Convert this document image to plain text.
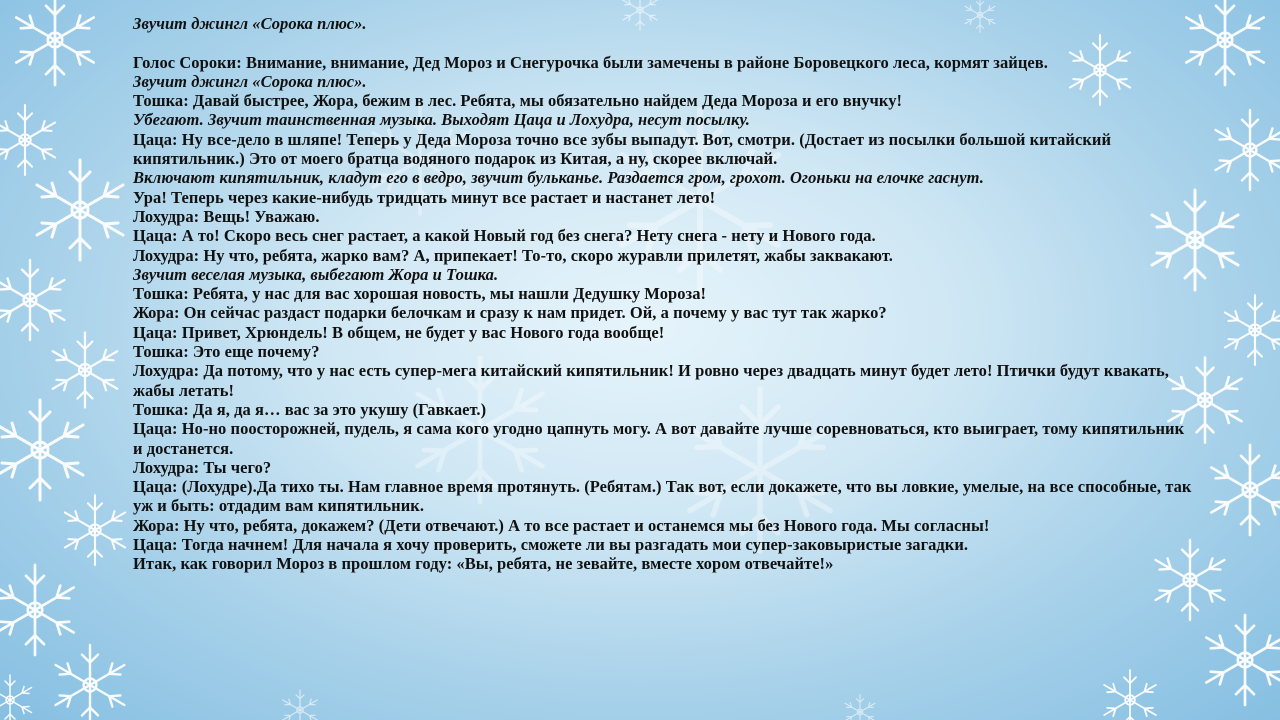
Звучит джингл «Сорока плюс».
Голос Сороки: Внимание, внимание, Дед Мороз и Снегурочка были замечены в районе Боровецкого леса, кормят зайцев.
Звучит джингл «Сорока плюс».
Тошка: Давай быстрее, Жора, бежим в лес. Ребята, мы обязательно найдем Деда Мороза и его внучку!
Убегают. Звучит таинственная музыка. Выходят Цаца и Лохудра, несут посылку.
Цаца: Ну все-дело в шляпе! Теперь у Деда Мороза точно все зубы выпадут. Вот, смотри. (Достает из посылки большой китайский кипятильник.) Это от моего братца водяного подарок из Китая, а ну, скорее включай.
Включают кипятильник, кладут его в ведро, звучит бульканье. Раздается гром, грохот. Огоньки на елочке гаснут.
Ура! Теперь через какие-нибудь тридцать минут все растает и настанет лето!
Лохудра: Вещь! Уважаю.
Цаца: А то! Скоро весь снег растает, а какой Новый год без снега? Нету снега - нету и Нового года.
Лохудра: Ну что, ребята, жарко вам? А, припекает! То-то, скоро журавли прилетят, жабы заквакают.
Звучит веселая музыка, выбегают Жора и Тошка.
Тошка: Ребята, у нас для вас хорошая новость, мы нашли Дедушку Мороза!
Жора: Он сейчас раздаст подарки белочкам и сразу к нам придет. Ой, а почему у вас тут так жарко?
Цаца: Привет, Хрюндель! В общем, не будет у вас Нового года вообще!
Тошка: Это еще почему?
Лохудра: Да потому, что у нас есть супер-мега китайский кипятильник! И ровно через двадцать минут будет лето! Птички будут квакать, жабы летать!
Тошка: Да я, да я… вас за это укушу (Гавкает.)
Цаца: Но-но поосторожней, пудель, я сама кого угодно цапнуть могу. А вот давайте лучше соревноваться, кто выиграет, тому кипятильник и достанется.
Лохудра: Ты чего?
Цаца: (Лохудре).Да тихо ты. Нам главное время протянуть. (Ребятам.) Так вот, если докажете, что вы ловкие, умелые, на все способные, так уж и быть: отдадим вам кипятильник.
Жора: Ну что, ребята, докажем? (Дети отвечают.) А то все растает и останемся мы без Нового года. Мы согласны!
Цаца: Тогда начнем! Для начала я хочу проверить, сможете ли вы разгадать мои супер-заковыристые загадки.
Итак, как говорил Мороз в прошлом году: «Вы, ребята, не зевайте, вместе хором отвечайте!»
